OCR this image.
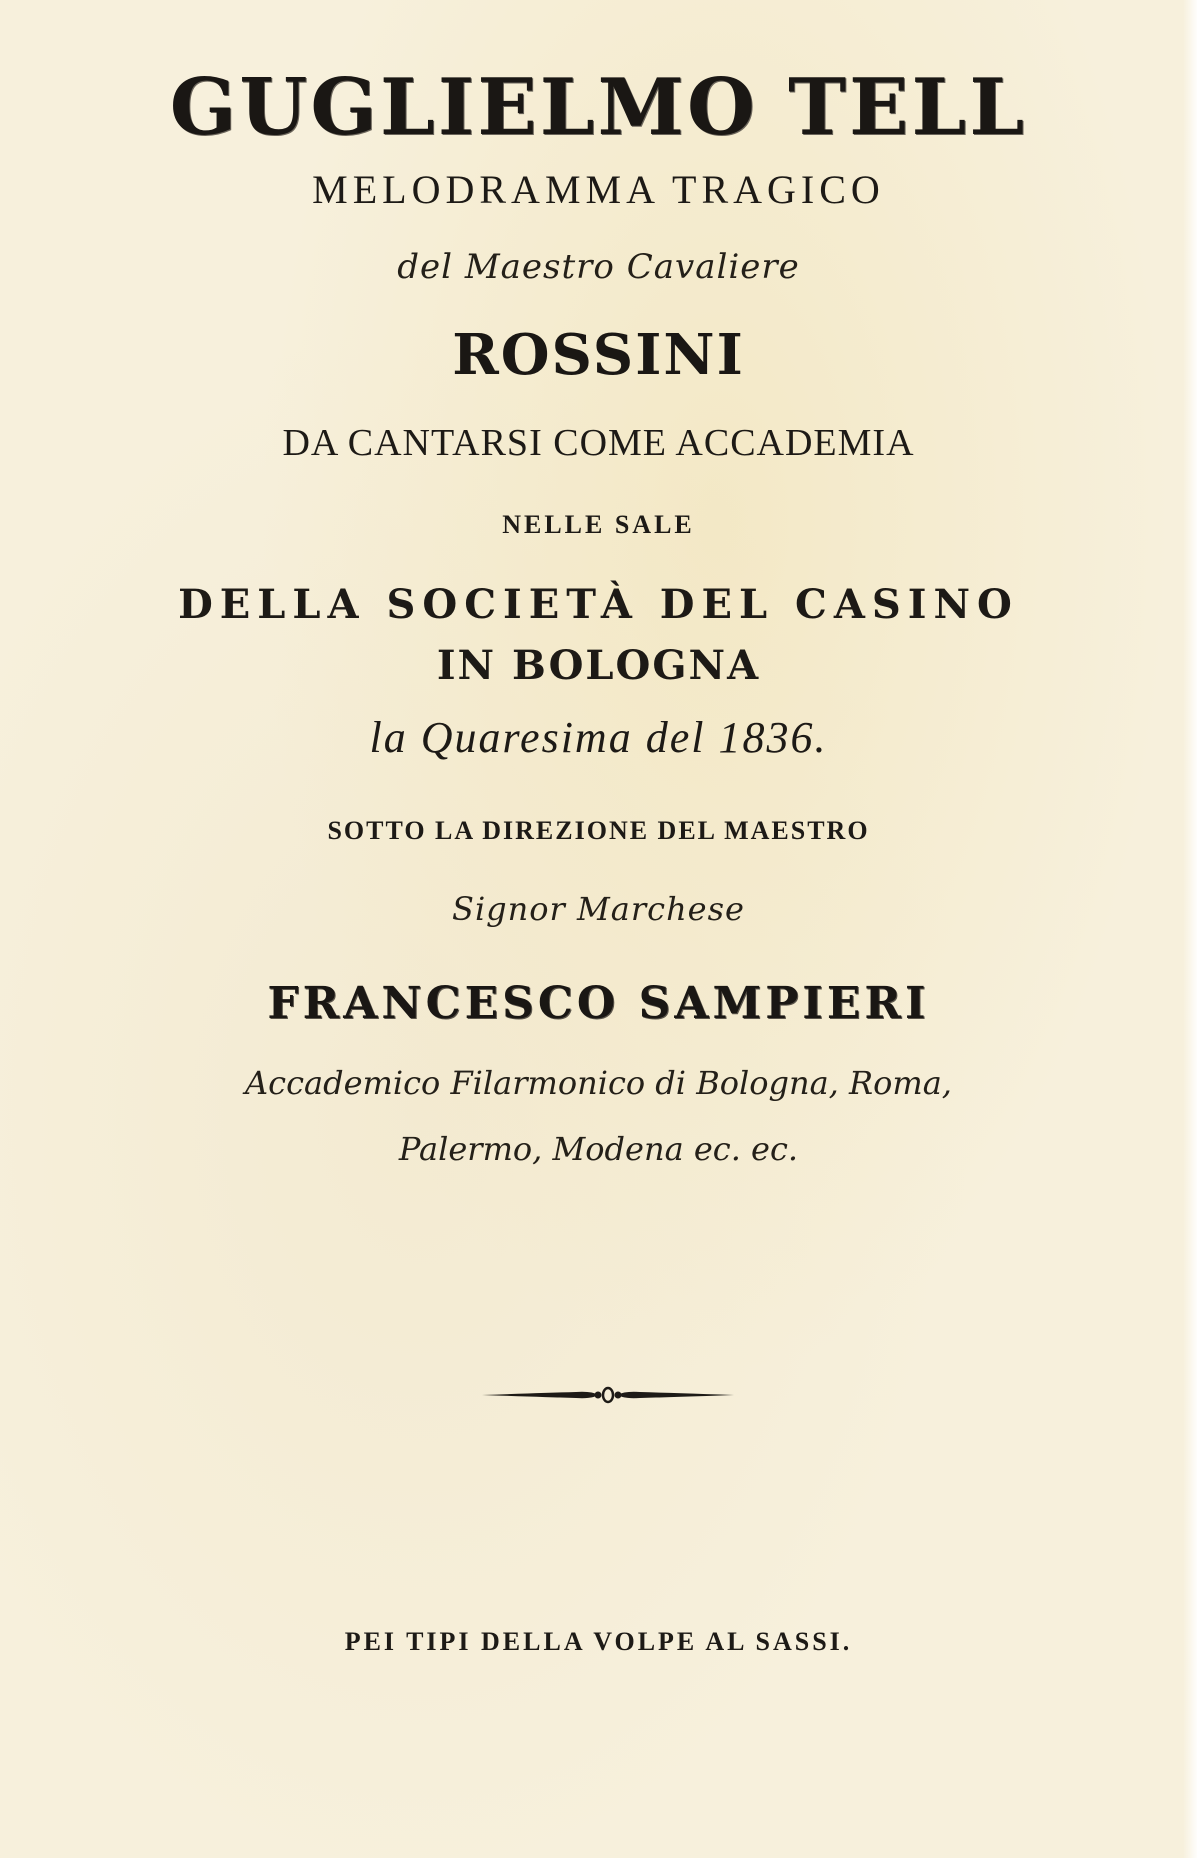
GUGLIELMO TELL
MELODRAMMA TRAGICO
del Maestro Cavaliere
ROSSINI
DA CANTARSI COME ACCADEMIA
NELLE SALE
DELLA SOCIETÀ DEL CASINO
IN BOLOGNA
la Quaresima del 1836.
SOTTO LA DIREZIONE DEL MAESTRO
Signor Marchese
FRANCESCO SAMPIERI
Accademico Filarmonico di Bologna, Roma,
Palermo, Modena ec. ec.
PEI TIPI DELLA VOLPE AL SASSI.
